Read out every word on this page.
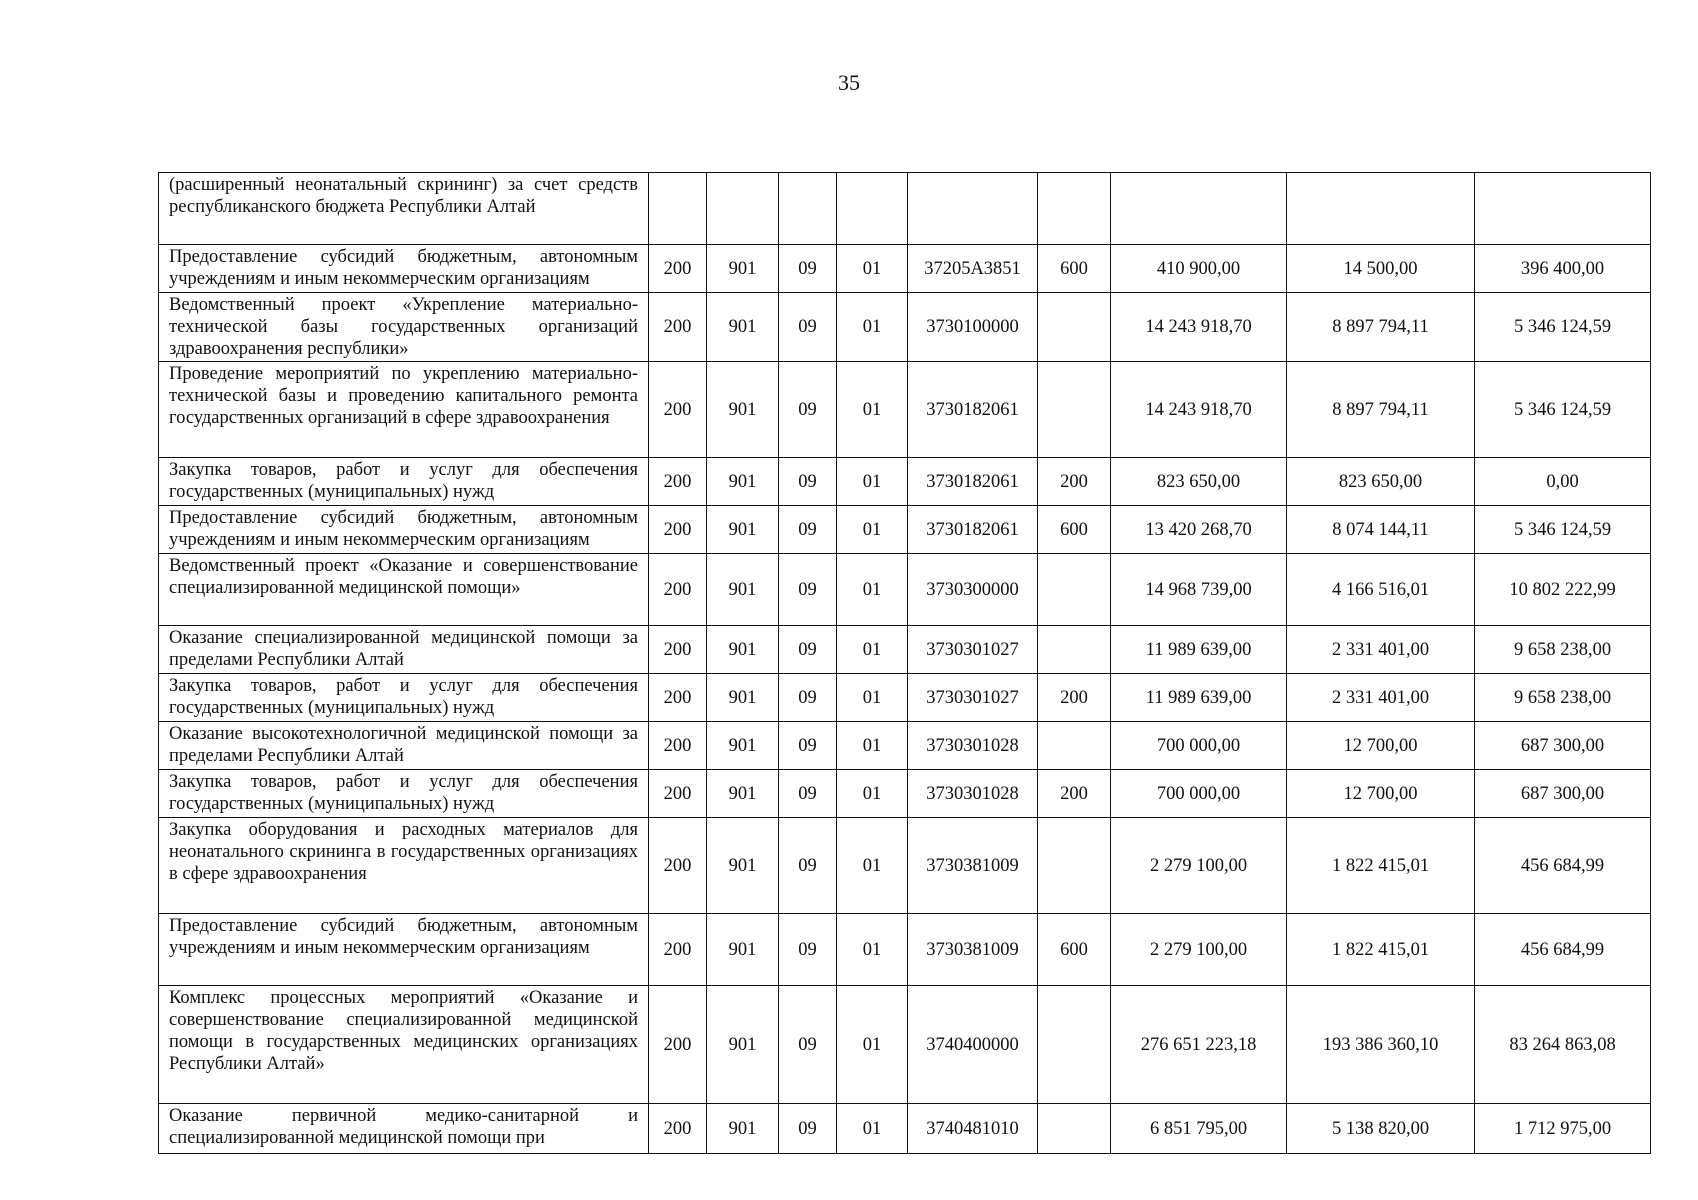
35
(расширенный неонатальный скрининг) за счет средств республиканского бюджета Республики Алтай									
Предоставление субсидий бюджетным, автономным учреждениям и иным некоммерческим организациям	200	901	09	01	37205А3851	600	410 900,00	14 500,00	396 400,00
Ведомственный проект «Укрепление материально-технической базы государственных организаций здравоохранения республики»	200	901	09	01	3730100000		14 243 918,70	8 897 794,11	5 346 124,59
Проведение мероприятий по укреплению материально-технической базы и проведению капитального ремонта государственных организаций в сфере здравоохранения	200	901	09	01	3730182061		14 243 918,70	8 897 794,11	5 346 124,59
Закупка товаров, работ и услуг для обеспечения государственных (муниципальных) нужд	200	901	09	01	3730182061	200	823 650,00	823 650,00	0,00
Предоставление субсидий бюджетным, автономным учреждениям и иным некоммерческим организациям	200	901	09	01	3730182061	600	13 420 268,70	8 074 144,11	5 346 124,59
Ведомственный проект «Оказание и совершенствование специализированной медицинской помощи»	200	901	09	01	3730300000		14 968 739,00	4 166 516,01	10 802 222,99
Оказание специализированной медицинской помощи за пределами Республики Алтай	200	901	09	01	3730301027		11 989 639,00	2 331 401,00	9 658 238,00
Закупка товаров, работ и услуг для обеспечения государственных (муниципальных) нужд	200	901	09	01	3730301027	200	11 989 639,00	2 331 401,00	9 658 238,00
Оказание высокотехнологичной медицинской помощи за пределами Республики Алтай	200	901	09	01	3730301028		700 000,00	12 700,00	687 300,00
Закупка товаров, работ и услуг для обеспечения государственных (муниципальных) нужд	200	901	09	01	3730301028	200	700 000,00	12 700,00	687 300,00
Закупка оборудования и расходных материалов для неонатального скрининга в государственных организациях в сфере здравоохранения	200	901	09	01	3730381009		2 279 100,00	1 822 415,01	456 684,99
Предоставление субсидий бюджетным, автономным учреждениям и иным некоммерческим организациям	200	901	09	01	3730381009	600	2 279 100,00	1 822 415,01	456 684,99
Комплекс процессных мероприятий «Оказание и совершенствование специализированной медицинской помощи в государственных медицинских организациях Республики Алтай»	200	901	09	01	3740400000		276 651 223,18	193 386 360,10	83 264 863,08
Оказание первичной медико-санитарной и специализированной медицинской помощи при	200	901	09	01	3740481010		6 851 795,00	5 138 820,00	1 712 975,00
